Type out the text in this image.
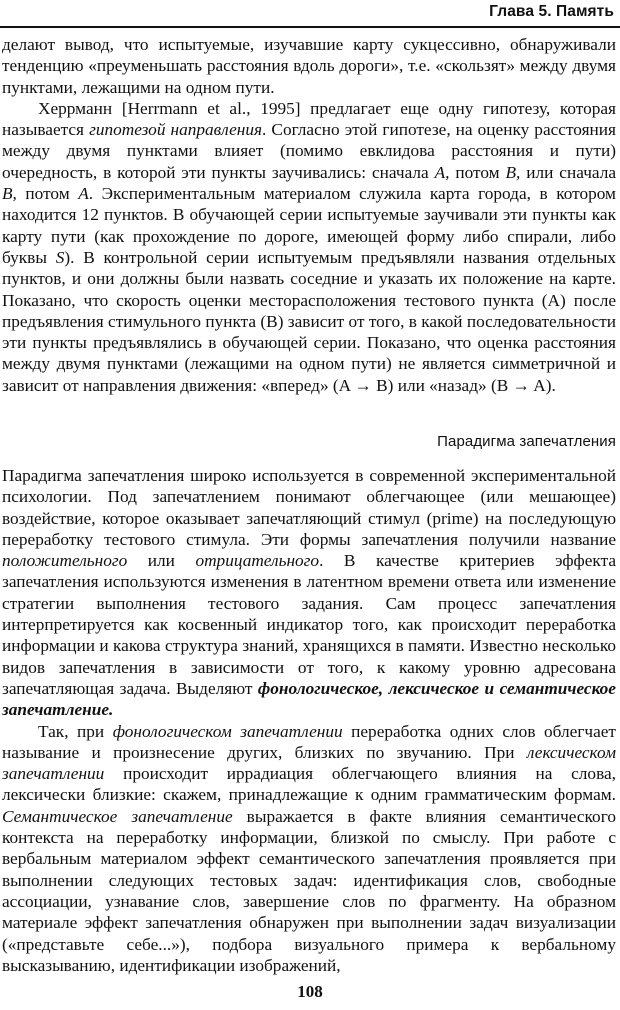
Глава 5. Память

делают вывод, что испытуемые, изучавшие карту сукцессивно, обнаруживали тенденцию «преуменьшать расстояния вдоль дороги», т.е. «скользят» между двумя пунктами, лежащими на одном пути.

Херрманн [Herrmann et al., 1995] предлагает еще одну гипотезу, которая называется гипотезой направления. Согласно этой гипотезе, на оценку расстояния между двумя пунктами влияет (помимо евклидова расстояния и пути) очередность, в которой эти пункты заучивались: сначала А, потом В, или сначала В, потом А. Экспериментальным материалом служила карта города, в котором находится 12 пунктов. В обучающей серии испытуемые заучивали эти пункты как карту пути (как прохождение по дороге, имеющей форму либо спирали, либо буквы S). В контрольной серии испытуемым предъявляли названия отдельных пунктов, и они должны были назвать соседние и указать их положение на карте. Показано, что скорость оценки месторасположения тестового пункта (А) после предъявления стимульного пункта (В) зависит от того, в какой последовательности эти пункты предъявлялись в обучающей серии. Показано, что оценка расстояния между двумя пунктами (лежащими на одном пути) не является симметричной и зависит от направления движения: «вперед» (A → B) или «назад» (B → A).

Парадигма запечатления

Парадигма запечатления широко используется в современной экспериментальной психологии. Под запечатлением понимают облегчающее (или мешающее) воздействие, которое оказывает запечатляющий стимул (prime) на последующую переработку тестового стимула. Эти формы запечатления получили название положительного или отрицательного. В качестве критериев эффекта запечатления используются изменения в латентном времени ответа или изменение стратегии выполнения тестового задания. Сам процесс запечатления интерпретируется как косвенный индикатор того, как происходит переработка информации и какова структура знаний, хранящихся в памяти. Известно несколько видов запечатления в зависимости от того, к какому уровню адресована запечатляющая задача. Выделяют фонологическое, лексическое и семантическое запечатление.

Так, при фонологическом запечатлении переработка одних слов облегчает называние и произнесение других, близких по звучанию. При лексическом запечатлении происходит иррадиация облегчающего влияния на слова, лексически близкие: скажем, принадлежащие к одним грамматическим формам. Семантическое запечатление выражается в факте влияния семантического контекста на переработку информации, близкой по смыслу. При работе с вербальным материалом эффект семантического запечатления проявляется при выполнении следующих тестовых задач: идентификация слов, свободные ассоциации, узнавание слов, завершение слов по фрагменту. На образном материале эффект запечатления обнаружен при выполнении задач визуализации («представьте себе...»), подбора визуального примера к вербальному высказыванию, идентификации изображений,

108
